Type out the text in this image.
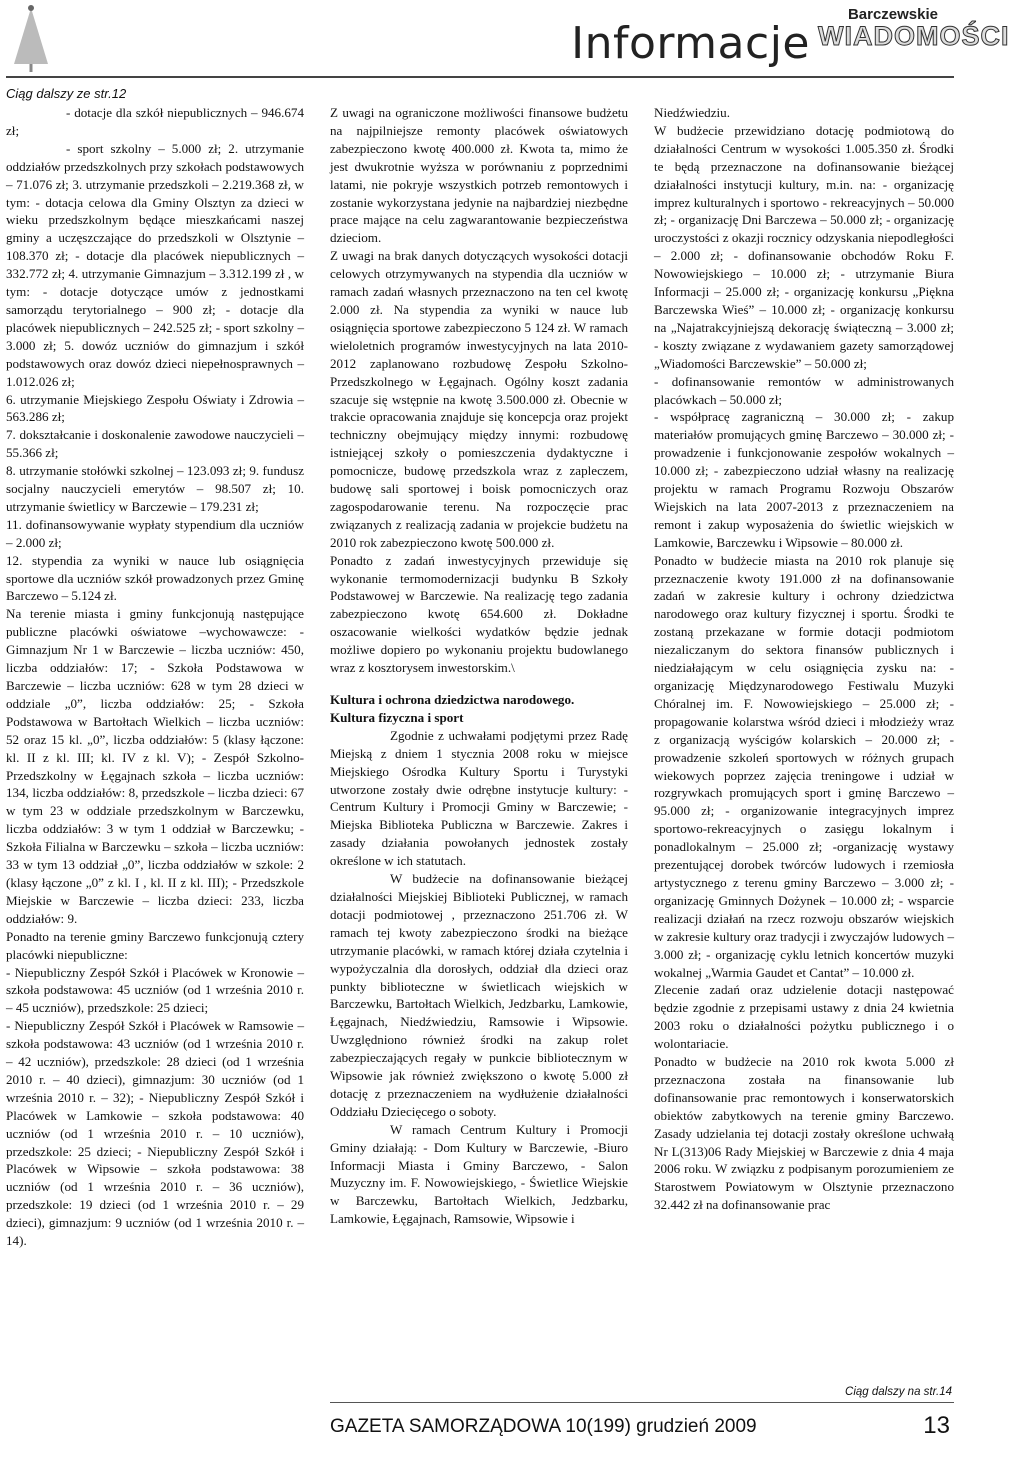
Informacje
Barczewskie
WIADOMOŚCI
Ciąg dalszy ze str.12

- dotacje dla szkół niepublicznych – 946.674 zł;

- sport szkolny – 5.000 zł; 2. utrzymanie oddziałów przedszkolnych przy szkołach podstawowych – 71.076 zł; 3. utrzymanie przedszkoli – 2.219.368 zł, w tym: - dotacja celowa dla Gminy Olsztyn za dzieci w wieku przedszkolnym będące mieszkańcami naszej gminy a uczęszczające do przedszkoli w Olsztynie – 108.370 zł; - dotacje dla placówek niepublicznych – 332.772 zł; 4. utrzymanie Gimnazjum – 3.312.199 zł , w tym: - dotacje dotyczące umów z jednostkami samorządu terytorialnego – 900 zł; - dotacje dla placówek niepublicznych – 242.525 zł; - sport szkolny – 3.000 zł; 5. dowóz uczniów do gimnazjum i szkół podstawowych oraz dowóz dzieci niepełnosprawnych – 1.012.026 zł;

6. utrzymanie Miejskiego Zespołu Oświaty i Zdrowia – 563.286 zł;

7. dokształcanie i doskonalenie zawodowe nauczycieli – 55.366 zł;

8. utrzymanie stołówki szkolnej – 123.093 zł; 9. fundusz socjalny nauczycieli emerytów – 98.507 zł; 10. utrzymanie świetlicy w Barczewie – 179.231 zł;

11. dofinansowywanie wypłaty stypendium dla uczniów – 2.000 zł;

12. stypendia za wyniki w nauce lub osiągnięcia sportowe dla uczniów szkół prowadzonych przez Gminę Barczewo – 5.124 zł.

Na terenie miasta i gminy funkcjonują następujące publiczne placówki oświatowe –wychowawcze: - Gimnazjum Nr 1 w Barczewie – liczba uczniów: 450, liczba oddziałów: 17; - Szkoła Podstawowa w Barczewie – liczba uczniów: 628 w tym 28 dzieci w oddziale „0”, liczba oddziałów: 25; - Szkoła Podstawowa w Bartołtach Wielkich – liczba uczniów: 52 oraz 15 kl. „0”, liczba oddziałów: 5 (klasy łączone: kl. II z kl. III; kl. IV z kl. V); - Zespół Szkolno-Przedszkolny w Łęgajnach szkoła – liczba uczniów: 134, liczba oddziałów: 8, przedszkole – liczba dzieci: 67 w tym 23 w oddziale przedszkolnym w Barczewku, liczba oddziałów: 3 w tym 1 oddział w Barczewku; - Szkoła Filialna w Barczewku – szkoła – liczba uczniów: 33 w tym 13 oddział „0”, liczba oddziałów w szkole: 2 (klasy łączone „0” z kl. I , kl. II z kl. III); - Przedszkole Miejskie w Barczewie – liczba dzieci: 233, liczba oddziałów: 9.

Ponadto na terenie gminy Barczewo funkcjonują cztery placówki niepubliczne:

- Niepubliczny Zespół Szkół i Placówek w Kronowie – szkoła podstawowa: 45 uczniów (od 1 września 2010 r. – 45 uczniów), przedszkole: 25 dzieci;

- Niepubliczny Zespół Szkół i Placówek w Ramsowie – szkoła podstawowa: 43 uczniów (od 1 września 2010 r. – 42 uczniów), przedszkole: 28 dzieci (od 1 września 2010 r. – 40 dzieci), gimnazjum: 30 uczniów (od 1 września 2010 r. – 32); - Niepubliczny Zespół Szkół i Placówek w Lamkowie – szkoła podstawowa: 40 uczniów (od 1 września 2010 r. – 10 uczniów), przedszkole: 25 dzieci; - Niepubliczny Zespół Szkół i Placówek w Wipsowie – szkoła podstawowa: 38 uczniów (od 1 września 2010 r. – 36 uczniów), przedszkole: 19 dzieci (od 1 września 2010 r. – 29 dzieci), gimnazjum: 9 uczniów (od 1 września 2010 r. – 14).

Z uwagi na ograniczone możliwości finansowe budżetu na najpilniejsze remonty placówek oświatowych zabezpieczono kwotę 400.000 zł. Kwota ta, mimo że jest dwukrotnie wyższa w porównaniu z poprzednimi latami, nie pokryje wszystkich potrzeb remontowych i zostanie wykorzystana jedynie na najbardziej niezbędne prace mające na celu zagwarantowanie bezpieczeństwa dzieciom.

Z uwagi na brak danych dotyczących wysokości dotacji celowych otrzymywanych na stypendia dla uczniów w ramach zadań własnych przeznaczono na ten cel kwotę 2.000 zł. Na stypendia za wyniki w nauce lub osiągnięcia sportowe zabezpieczono 5 124 zł. W ramach wieloletnich programów inwestycyjnych na lata 2010-2012 zaplanowano rozbudowę Zespołu Szkolno-Przedszkolnego w Łęgajnach. Ogólny koszt zadania szacuje się wstępnie na kwotę 3.500.000 zł. Obecnie w trakcie opracowania znajduje się koncepcja oraz projekt techniczny obejmujący między innymi: rozbudowę istniejącej szkoły o pomieszczenia dydaktyczne i pomocnicze, budowę przedszkola wraz z zapleczem, budowę sali sportowej i boisk pomocniczych oraz zagospodarowanie terenu. Na rozpoczęcie prac związanych z realizacją zadania w projekcie budżetu na 2010 rok zabezpieczono kwotę 500.000 zł.

Ponadto z zadań inwestycyjnych przewiduje się wykonanie termomodernizacji budynku B Szkoły Podstawowej w Barczewie. Na realizację tego zadania zabezpieczono kwotę 654.600 zł. Dokładne oszacowanie wielkości wydatków będzie jednak możliwe dopiero po wykonaniu projektu budowlanego wraz z kosztorysem inwestorskim.\

Kultura i ochrona dziedzictwa narodowego.

Kultura fizyczna i sport

Zgodnie z uchwałami podjętymi przez Radę Miejską z dniem 1 stycznia 2008 roku w miejsce Miejskiego Ośrodka Kultury Sportu i Turystyki utworzone zostały dwie odrębne instytucje kultury: - Centrum Kultury i Promocji Gminy w Barczewie; - Miejska Biblioteka Publiczna w Barczewie. Zakres i zasady działania powołanych jednostek zostały określone w ich statutach.

W budżecie na dofinansowanie bieżącej działalności Miejskiej Biblioteki Publicznej, w ramach dotacji podmiotowej , przeznaczono 251.706 zł. W ramach tej kwoty zabezpieczono środki na bieżące utrzymanie placówki, w ramach której działa czytelnia i wypożyczalnia dla dorosłych, oddział dla dzieci oraz punkty biblioteczne w świetlicach wiejskich w Barczewku, Bartołtach Wielkich, Jedzbarku, Lamkowie, Łęgajnach, Niedźwiedziu, Ramsowie i Wipsowie. Uwzględniono również środki na zakup rolet zabezpieczających regały w punkcie bibliotecznym w Wipsowie jak również zwiększono o kwotę 5.000 zł dotację z przeznaczeniem na wydłużenie działalności Oddziału Dziecięcego o soboty.

W ramach Centrum Kultury i Promocji Gminy działają: - Dom Kultury w Barczewie, -Biuro Informacji Miasta i Gminy Barczewo, - Salon Muzyczny im. F. Nowowiejskiego, - Świetlice Wiejskie w Barczewku, Bartołtach Wielkich, Jedzbarku, Lamkowie, Łęgajnach, Ramsowie, Wipsowie i

Niedźwiedziu.

W budżecie przewidziano dotację podmiotową do działalności Centrum w wysokości 1.005.350 zł. Środki te będą przeznaczone na dofinansowanie bieżącej działalności instytucji kultury, m.in. na: - organizację imprez kulturalnych i sportowo - rekreacyjnych – 50.000 zł; - organizację Dni Barczewa – 50.000 zł; - organizację uroczystości z okazji rocznicy odzyskania niepodległości – 2.000 zł; - dofinansowanie obchodów Roku F. Nowowiejskiego – 10.000 zł; - utrzymanie Biura Informacji – 25.000 zł; - organizację konkursu „Piękna Barczewska Wieś” – 10.000 zł; - organizację konkursu na „Najatrakcyjniejszą dekorację świąteczną – 3.000 zł; - koszty związane z wydawaniem gazety samorządowej „Wiadomości Barczewskie” – 50.000 zł;

- dofinansowanie remontów w administrowanych placówkach – 50.000 zł;

- współpracę zagraniczną – 30.000 zł; - zakup materiałów promujących gminę Barczewo – 30.000 zł; - prowadzenie i funkcjonowanie zespołów wokalnych –10.000 zł; - zabezpieczono udział własny na realizację projektu w ramach Programu Rozwoju Obszarów Wiejskich na lata 2007-2013 z przeznaczeniem na remont i zakup wyposażenia do świetlic wiejskich w Lamkowie, Barczewku i Wipsowie – 80.000 zł.

Ponadto w budżecie miasta na 2010 rok planuje się przeznaczenie kwoty 191.000 zł na dofinansowanie zadań w zakresie kultury i ochrony dziedzictwa narodowego oraz kultury fizycznej i sportu. Środki te zostaną przekazane w formie dotacji podmiotom niezaliczanym do sektora finansów publicznych i niedziałającym w celu osiągnięcia zysku na: - organizację Międzynarodowego Festiwalu Muzyki Chóralnej im. F. Nowowiejskiego – 25.000 zł; - propagowanie kolarstwa wśród dzieci i młodzieży wraz z organizacją wyścigów kolarskich – 20.000 zł; - prowadzenie szkoleń sportowych w różnych grupach wiekowych poprzez zajęcia treningowe i udział w rozgrywkach promujących sport i gminę Barczewo – 95.000 zł; - organizowanie integracyjnych imprez sportowo-rekreacyjnych o zasięgu lokalnym i ponadlokalnym – 25.000 zł; -organizację wystawy prezentującej dorobek twórców ludowych i rzemiosła artystycznego z terenu gminy Barczewo – 3.000 zł; - organizację Gminnych Dożynek – 10.000 zł; - wsparcie realizacji działań na rzecz rozwoju obszarów wiejskich w zakresie kultury oraz tradycji i zwyczajów ludowych – 3.000 zł; - organizację cyklu letnich koncertów muzyki wokalnej „Warmia Gaudet et Cantat” – 10.000 zł.

Zlecenie zadań oraz udzielenie dotacji następować będzie zgodnie z przepisami ustawy z dnia 24 kwietnia 2003 roku o działalności pożytku publicznego i o wolontariacie.

Ponadto w budżecie na 2010 rok kwota 5.000 zł przeznaczona została na finansowanie lub dofinansowanie prac remontowych i konserwatorskich obiektów zabytkowych na terenie gminy Barczewo. Zasady udzielania tej dotacji zostały określone uchwałą Nr L(313)06 Rady Miejskiej w Barczewie z dnia 4 maja 2006 roku. W związku z podpisanym porozumieniem ze Starostwem Powiatowym w Olsztynie przeznaczono 32.442 zł na dofinansowanie prac

Ciąg dalszy na str.14
GAZETA SAMORZĄDOWA 10(199) grudzień 2009	13
